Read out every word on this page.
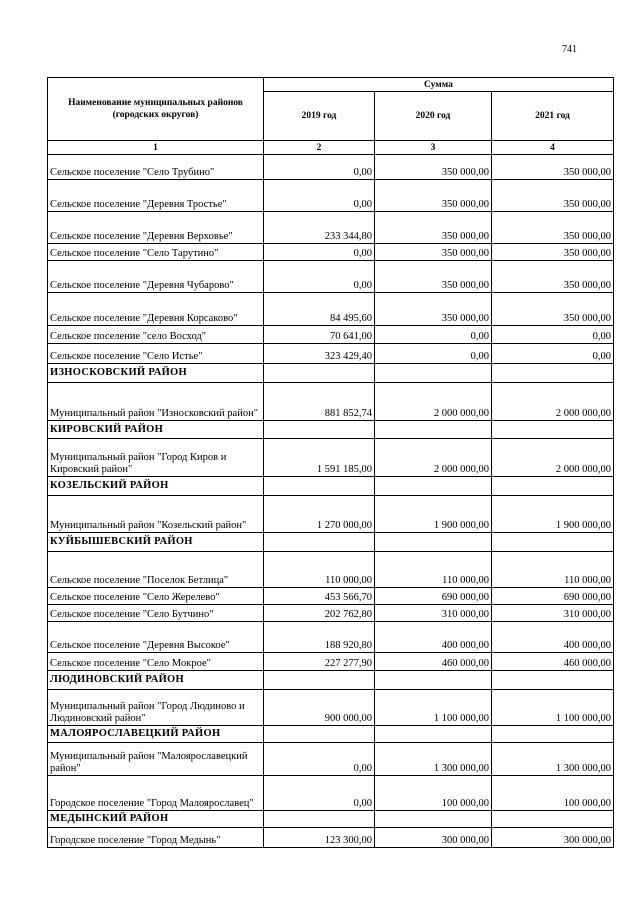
741
Наименование муниципальных районов (городских округов)	Сумма		
	2019 год	2020 год	2021 год
1	2	3	4
Сельское поселение "Село Трубино"	0,00	350 000,00	350 000,00
Сельское поселение "Деревня Тростье"	0,00	350 000,00	350 000,00
Сельское поселение "Деревня Верховье"	233 344,80	350 000,00	350 000,00
Сельское поселение "Село Тарутино"	0,00	350 000,00	350 000,00
Сельское поселение "Деревня Чубарово"	0,00	350 000,00	350 000,00
Сельское поселение "Деревня Корсаково"	84 495,60	350 000,00	350 000,00
Сельское поселение "село Восход"	70 641,00	0,00	0,00
Сельское поселение "Село Истье"	323 429,40	0,00	0,00
ИЗНОСКОВСКИЙ РАЙОН			
Муниципальный район "Износковский район"	881 852,74	2 000 000,00	2 000 000,00
КИРОВСКИЙ РАЙОН			
Муниципальный район "Город Киров и Кировский район"	1 591 185,00	2 000 000,00	2 000 000,00
КОЗЕЛЬСКИЙ РАЙОН			
Муниципальный район "Козельский район"	1 270 000,00	1 900 000,00	1 900 000,00
КУЙБЫШЕВСКИЙ РАЙОН			
Сельское поселение "Поселок Бетлица"	110 000,00	110 000,00	110 000,00
Сельское поселение "Село Жерелево"	453 566,70	690 000,00	690 000,00
Сельское поселение "Село Бутчино"	202 762,80	310 000,00	310 000,00
Сельское поселение "Деревня Высокое"	188 920,80	400 000,00	400 000,00
Сельское поселение "Село Мокрое"	227 277,90	460 000,00	460 000,00
ЛЮДИНОВСКИЙ РАЙОН			
Муниципальный район "Город Людиново и Людиновский район"	900 000,00	1 100 000,00	1 100 000,00
МАЛОЯРОСЛАВЕЦКИЙ РАЙОН			
Муниципальный район "Малоярославецкий район"	0,00	1 300 000,00	1 300 000,00
Городское поселение "Город Малоярославец"	0,00	100 000,00	100 000,00
МЕДЫНСКИЙ РАЙОН			
Городское поселение "Город Медынь"	123 300,00	300 000,00	300 000,00
